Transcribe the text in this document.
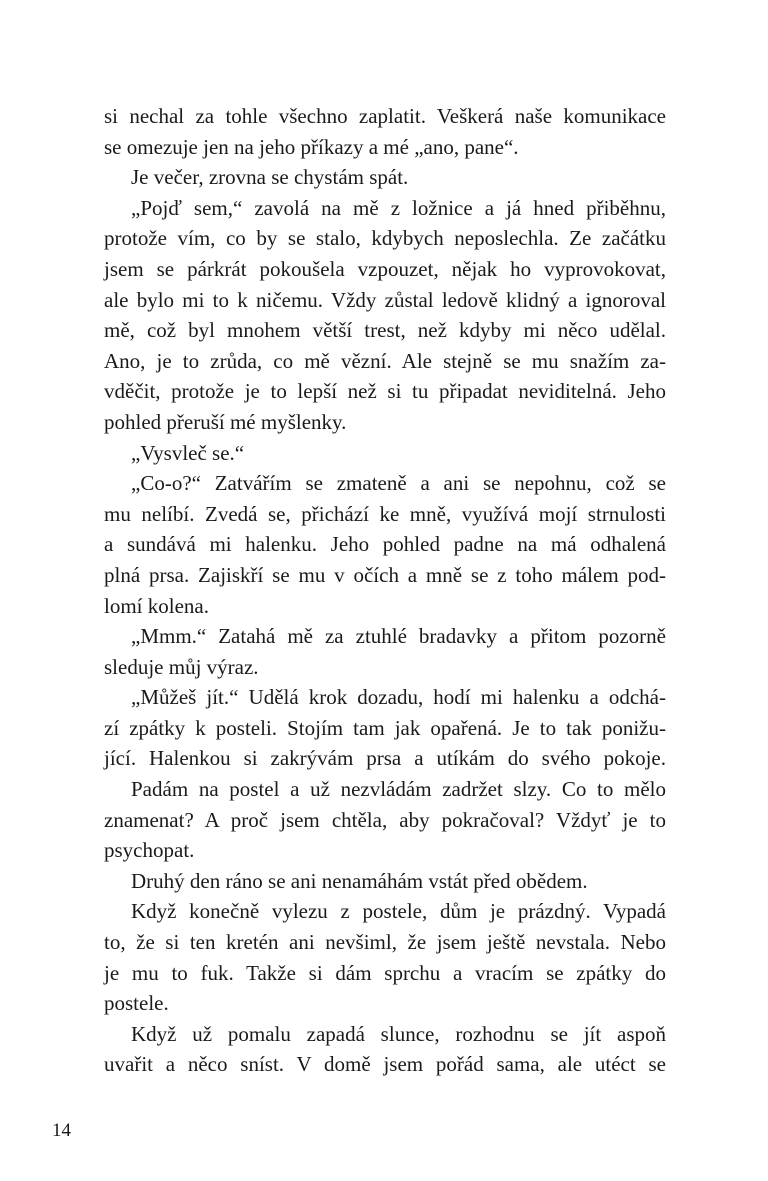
si nechal za tohle všechno zaplatit. Veškerá naše komunikace
se omezuje jen na jeho příkazy a mé „ano, pane“.
Je večer, zrovna se chystám spát.
„Pojď sem,“ zavolá na mě z ložnice a já hned přiběhnu,
protože vím, co by se stalo, kdybych neposlechla. Ze začátku
jsem se párkrát pokoušela vzpouzet, nějak ho vyprovokovat,
ale bylo mi to k ničemu. Vždy zůstal ledově klidný a ignoroval
mě, což byl mnohem větší trest, než kdyby mi něco udělal.
Ano, je to zrůda, co mě vězní. Ale stejně se mu snažím za-
vděčit, protože je to lepší než si tu připadat neviditelná. Jeho
pohled přeruší mé myšlenky.
„Vysvleč se.“
„Co-o?“ Zatvářím se zmateně a ani se nepohnu, což se
mu nelíbí. Zvedá se, přichází ke mně, využívá mojí strnulosti
a sundává mi halenku. Jeho pohled padne na má odhalená
plná prsa. Zajiskří se mu v očích a mně se z toho málem pod-
lomí kolena.
„Mmm.“ Zatahá mě za ztuhlé bradavky a přitom pozorně
sleduje můj výraz.
„Můžeš jít.“ Udělá krok dozadu, hodí mi halenku a odchá-
zí zpátky k posteli. Stojím tam jak opařená. Je to tak ponižu-
jící. Halenkou si zakrývám prsa a utíkám do svého pokoje.
Padám na postel a už nezvládám zadržet slzy. Co to mělo
znamenat? A proč jsem chtěla, aby pokračoval? Vždyť je to
psychopat.
Druhý den ráno se ani nenamáhám vstát před obědem.
Když konečně vylezu z postele, dům je prázdný. Vypadá
to, že si ten kretén ani nevšiml, že jsem ještě nevstala. Nebo
je mu to fuk. Takže si dám sprchu a vracím se zpátky do
postele.
Když už pomalu zapadá slunce, rozhodnu se jít aspoň
uvařit a něco sníst. V domě jsem pořád sama, ale utéct se
14
